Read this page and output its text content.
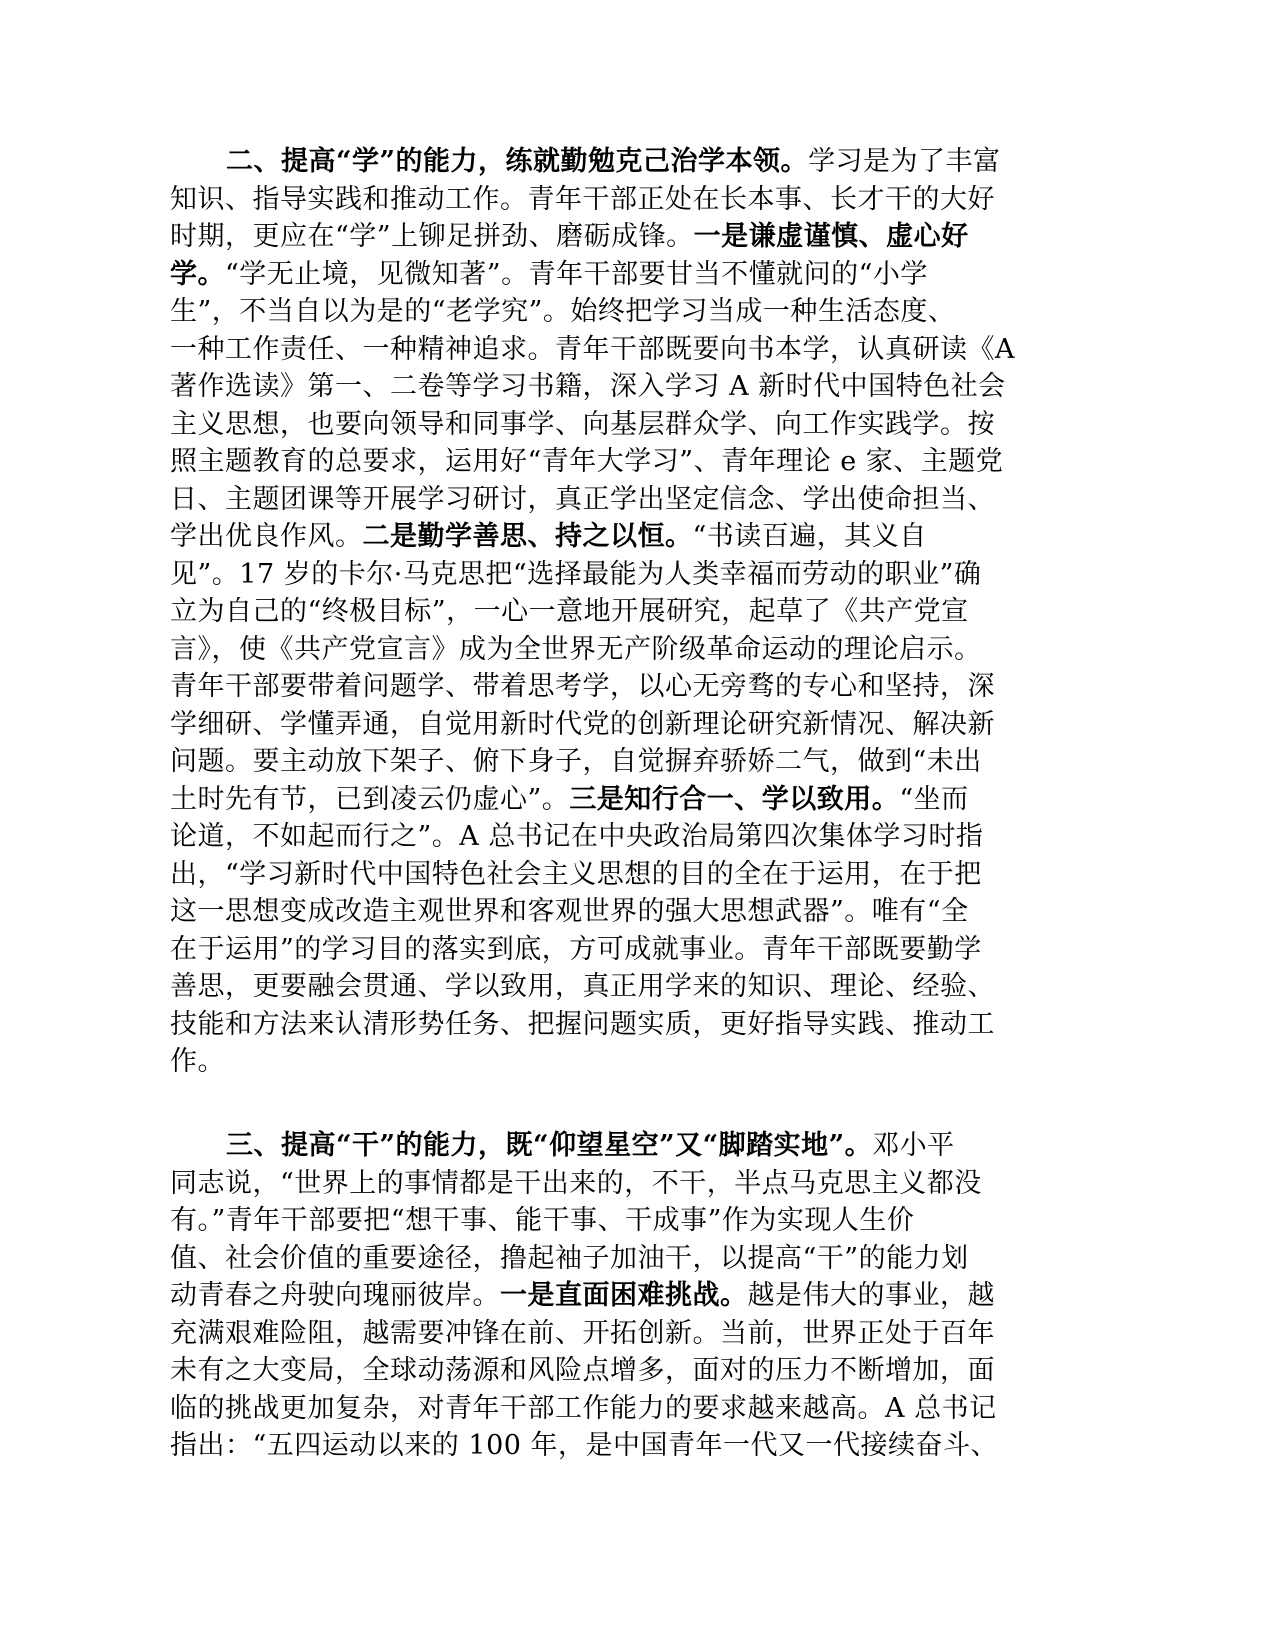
二、提高“学”的能力，练就勤勉克己治学本领。学习是为了丰富
知识、指导实践和推动工作。青年干部正处在长本事、长才干的大好
时期，更应在“学”上铆足拼劲、磨砺成锋。一是谦虚谨慎、虚心好
学。“学无止境，见微知著”。青年干部要甘当不懂就问的“小学
生”，不当自以为是的“老学究”。始终把学习当成一种生活态度、
一种工作责任、一种精神追求。青年干部既要向书本学，认真研读《A
著作选读》第一、二卷等学习书籍，深入学习 A 新时代中国特色社会
主义思想，也要向领导和同事学、向基层群众学、向工作实践学。按
照主题教育的总要求，运用好“青年大学习”、青年理论 e 家、主题党
日、主题团课等开展学习研讨，真正学出坚定信念、学出使命担当、
学出优良作风。二是勤学善思、持之以恒。“书读百遍，其义自
见”。17 岁的卡尔·马克思把“选择最能为人类幸福而劳动的职业”确
立为自己的“终极目标”，一心一意地开展研究，起草了《共产党宣
言》，使《共产党宣言》成为全世界无产阶级革命运动的理论启示。
青年干部要带着问题学、带着思考学，以心无旁骛的专心和坚持，深
学细研、学懂弄通，自觉用新时代党的创新理论研究新情况、解决新
问题。要主动放下架子、俯下身子，自觉摒弃骄娇二气，做到“未出
土时先有节，已到凌云仍虚心”。三是知行合一、学以致用。“坐而
论道，不如起而行之”。A 总书记在中央政治局第四次集体学习时指
出，“学习新时代中国特色社会主义思想的目的全在于运用，在于把
这一思想变成改造主观世界和客观世界的强大思想武器”。唯有“全
在于运用”的学习目的落实到底，方可成就事业。青年干部既要勤学
善思，更要融会贯通、学以致用，真正用学来的知识、理论、经验、
技能和方法来认清形势任务、把握问题实质，更好指导实践、推动工
作。

三、提高“干”的能力，既“仰望星空”又“脚踏实地”。邓小平
同志说，“世界上的事情都是干出来的，不干，半点马克思主义都没
有。”青年干部要把“想干事、能干事、干成事”作为实现人生价
值、社会价值的重要途径，撸起袖子加油干，以提高“干”的能力划
动青春之舟驶向瑰丽彼岸。一是直面困难挑战。越是伟大的事业，越
充满艰难险阻，越需要冲锋在前、开拓创新。当前，世界正处于百年
未有之大变局，全球动荡源和风险点增多，面对的压力不断增加，面
临的挑战更加复杂，对青年干部工作能力的要求越来越高。A 总书记
指出：“五四运动以来的 100 年，是中国青年一代又一代接续奋斗、
